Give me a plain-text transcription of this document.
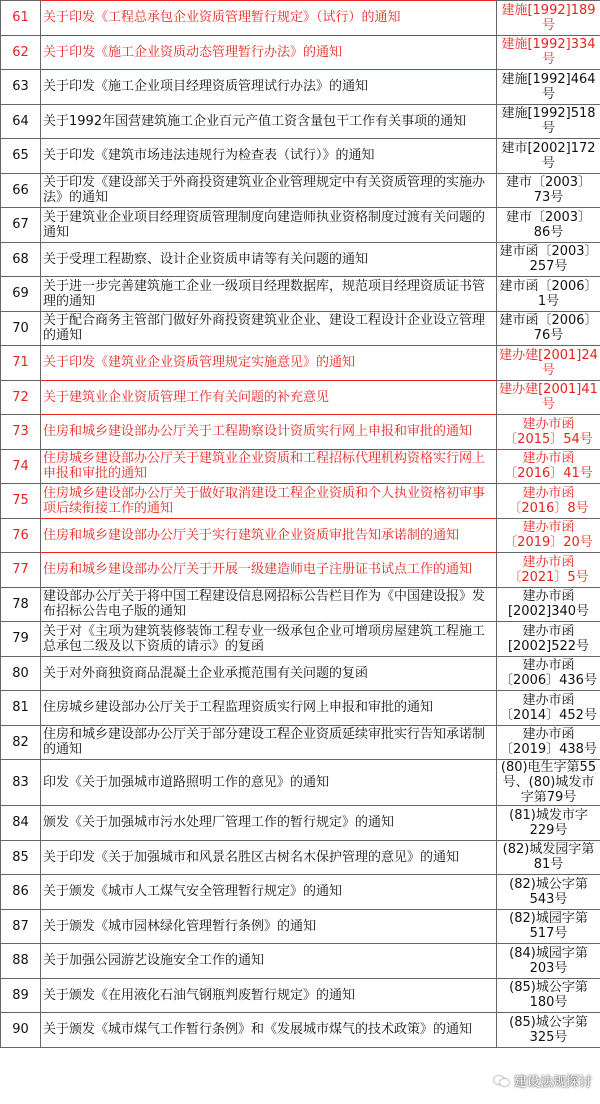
61	关于印发《工程总承包企业资质管理暂行规定》（试行）的通知	建施[1992]189号
62	关于印发《施工企业资质动态管理暂行办法》的通知	建施[1992]334号
63	关于印发《施工企业项目经理资质管理试行办法》的通知	建施[1992]464号
64	关于1992年国营建筑施工企业百元产值工资含量包干工作有关事项的通知	建施[1992]518号
65	关于印发《建筑市场违法违规行为检查表（试行）》的通知	建市[2002]172号
66	关于印发《建设部关于外商投资建筑业企业管理规定中有关资质管理的实施办法》的通知	建市〔2003〕73号
67	关于建筑业企业项目经理资质管理制度向建造师执业资格制度过渡有关问题的通知	建市〔2003〕86号
68	关于受理工程勘察、设计企业资质申请等有关问题的通知	建市函〔2003〕257号
69	关于进一步完善建筑施工企业一级项目经理数据库，规范项目经理资质证书管理的通知	建市函〔2006〕1号
70	关于配合商务主管部门做好外商投资建筑业企业、建设工程设计企业设立管理的通知	建市函〔2006〕76号
71	关于印发《建筑业企业资质管理规定实施意见》的通知	建办建[2001]24号
72	关于建筑业企业资质管理工作有关问题的补充意见	建办建[2001]41号
73	住房和城乡建设部办公厅关于工程勘察设计资质实行网上申报和审批的通知	建办市函〔2015〕54号
74	住房城乡建设部办公厅关于建筑业企业资质和工程招标代理机构资格实行网上申报和审批的通知	建办市函〔2016〕41号
75	住房城乡建设部办公厅关于做好取消建设工程企业资质和个人执业资格初审事项后续衔接工作的通知	建办市函〔2016〕8号
76	住房和城乡建设部办公厅关于实行建筑业企业资质审批告知承诺制的通知	建办市函〔2019〕20号
77	住房和城乡建设部办公厅关于开展一级建造师电子注册证书试点工作的通知	建办市函〔2021〕5号
78	建设部办公厅关于将中国工程建设信息网招标公告栏目作为《中国建设报》发布招标公告电子版的通知	建办市函[2002]340号
79	关于对《主项为建筑装修装饰工程专业一级承包企业可增项房屋建筑工程施工总承包二级及以下资质的请示》的复函	建办市函[2002]522号
80	关于对外商独资商品混凝土企业承揽范围有关问题的复函	建办市函〔2006〕436号
81	住房城乡建设部办公厅关于工程监理资质实行网上申报和审批的通知	建办市函〔2014〕452号
82	住房和城乡建设部办公厅关于部分建设工程企业资质延续审批实行告知承诺制的通知	建办市函〔2019〕438号
83	印发《关于加强城市道路照明工作的意见》的通知	(80)电生字第55号、(80)城发市字第79号
84	颁发《关于加强城市污水处理厂管理工作的暂行规定》的通知	(81)城发市字229号
85	关于印发《关于加强城市和风景名胜区古树名木保护管理的意见》的通知	(82)城发园字第81号
86	关于颁发《城市人工煤气安全管理暂行规定》的通知	(82)城公字第543号
87	关于颁发《城市园林绿化管理暂行条例》的通知	(82)城园字第517号
88	关于加强公园游艺设施安全工作的通知	(84)城园字第203号
89	关于颁发《在用液化石油气钢瓶判废暂行规定》的通知	(85)城公字第180号
90	关于颁发《城市煤气工作暂行条例》和《发展城市煤气的技术政策》的通知	(85)城公字第325号
建设法规探讨
